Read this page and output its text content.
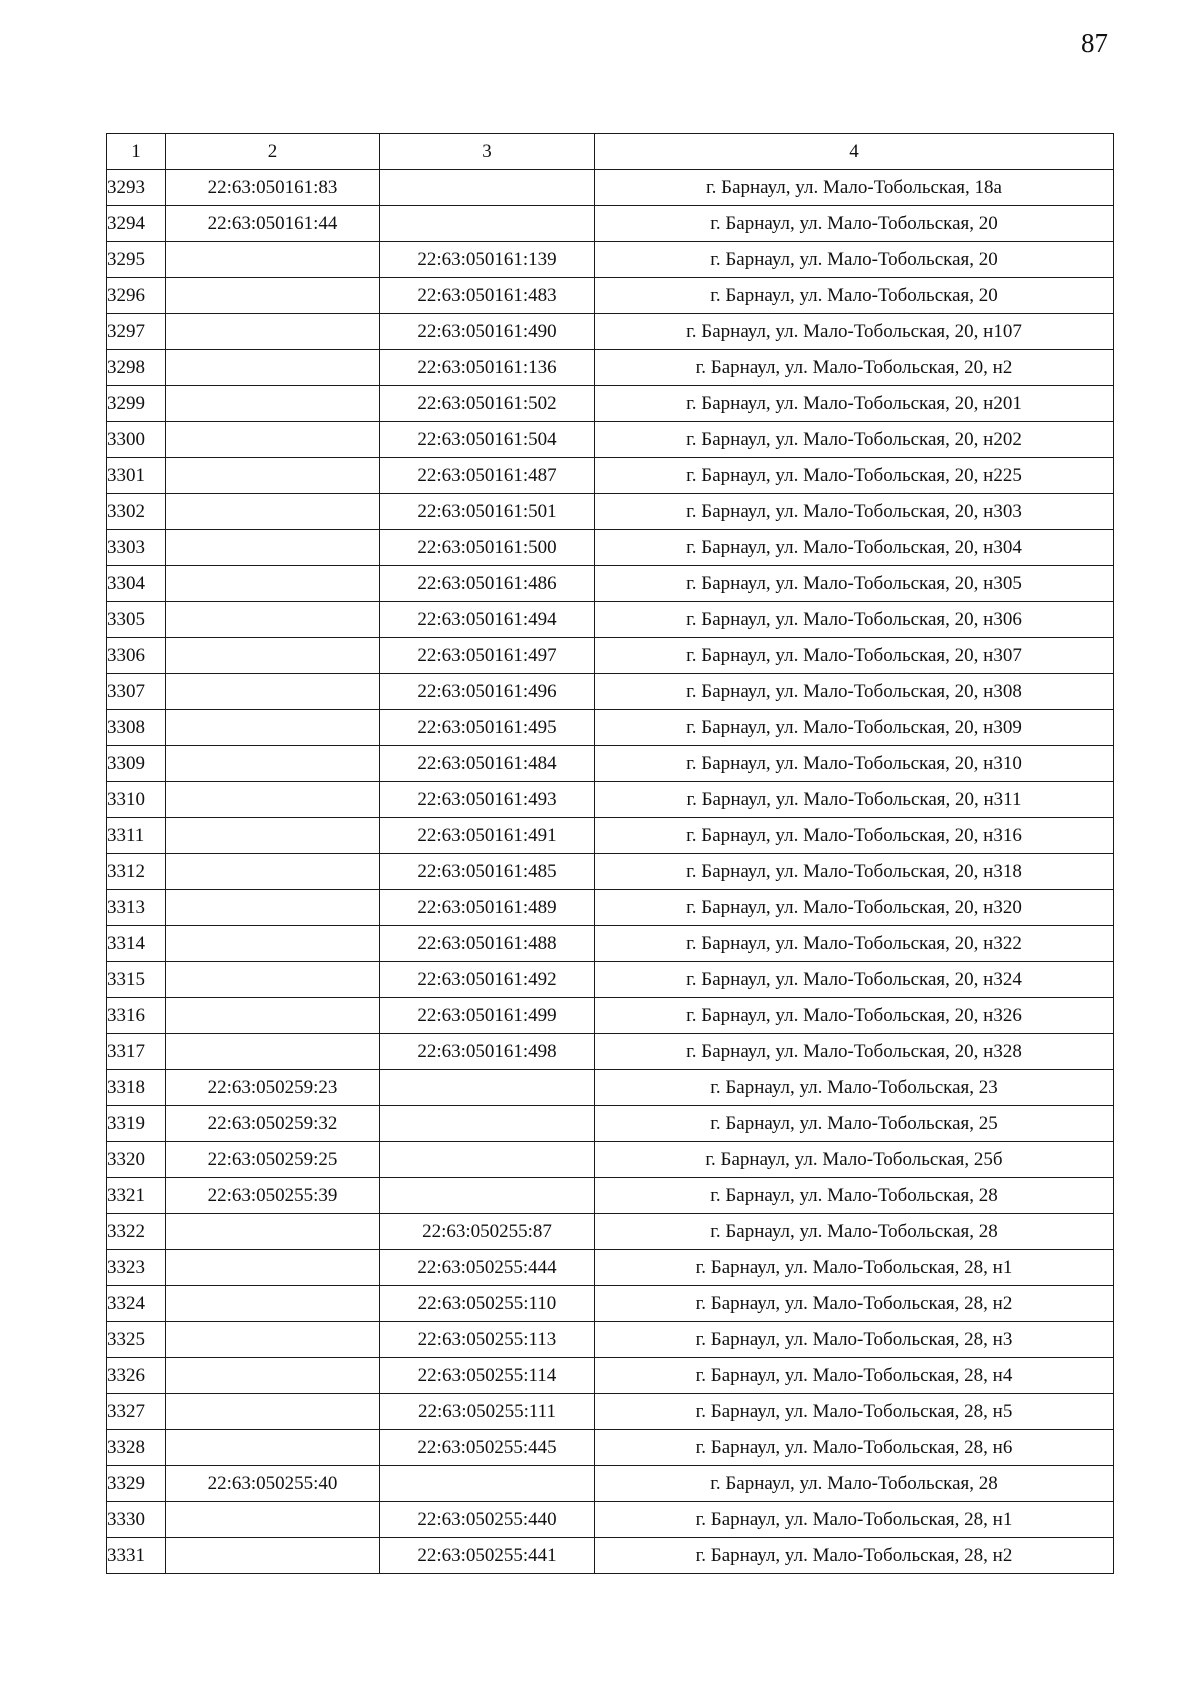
87
1	2	3	4
3293	22:63:050161:83		г. Барнаул, ул. Мало-Тобольская, 18а
3294	22:63:050161:44		г. Барнаул, ул. Мало-Тобольская, 20
3295		22:63:050161:139	г. Барнаул, ул. Мало-Тобольская, 20
3296		22:63:050161:483	г. Барнаул, ул. Мало-Тобольская, 20
3297		22:63:050161:490	г. Барнаул, ул. Мало-Тобольская, 20, н107
3298		22:63:050161:136	г. Барнаул, ул. Мало-Тобольская, 20, н2
3299		22:63:050161:502	г. Барнаул, ул. Мало-Тобольская, 20, н201
3300		22:63:050161:504	г. Барнаул, ул. Мало-Тобольская, 20, н202
3301		22:63:050161:487	г. Барнаул, ул. Мало-Тобольская, 20, н225
3302		22:63:050161:501	г. Барнаул, ул. Мало-Тобольская, 20, н303
3303		22:63:050161:500	г. Барнаул, ул. Мало-Тобольская, 20, н304
3304		22:63:050161:486	г. Барнаул, ул. Мало-Тобольская, 20, н305
3305		22:63:050161:494	г. Барнаул, ул. Мало-Тобольская, 20, н306
3306		22:63:050161:497	г. Барнаул, ул. Мало-Тобольская, 20, н307
3307		22:63:050161:496	г. Барнаул, ул. Мало-Тобольская, 20, н308
3308		22:63:050161:495	г. Барнаул, ул. Мало-Тобольская, 20, н309
3309		22:63:050161:484	г. Барнаул, ул. Мало-Тобольская, 20, н310
3310		22:63:050161:493	г. Барнаул, ул. Мало-Тобольская, 20, н311
3311		22:63:050161:491	г. Барнаул, ул. Мало-Тобольская, 20, н316
3312		22:63:050161:485	г. Барнаул, ул. Мало-Тобольская, 20, н318
3313		22:63:050161:489	г. Барнаул, ул. Мало-Тобольская, 20, н320
3314		22:63:050161:488	г. Барнаул, ул. Мало-Тобольская, 20, н322
3315		22:63:050161:492	г. Барнаул, ул. Мало-Тобольская, 20, н324
3316		22:63:050161:499	г. Барнаул, ул. Мало-Тобольская, 20, н326
3317		22:63:050161:498	г. Барнаул, ул. Мало-Тобольская, 20, н328
3318	22:63:050259:23		г. Барнаул, ул. Мало-Тобольская, 23
3319	22:63:050259:32		г. Барнаул, ул. Мало-Тобольская, 25
3320	22:63:050259:25		г. Барнаул, ул. Мало-Тобольская, 25б
3321	22:63:050255:39		г. Барнаул, ул. Мало-Тобольская, 28
3322		22:63:050255:87	г. Барнаул, ул. Мало-Тобольская, 28
3323		22:63:050255:444	г. Барнаул, ул. Мало-Тобольская, 28, н1
3324		22:63:050255:110	г. Барнаул, ул. Мало-Тобольская, 28, н2
3325		22:63:050255:113	г. Барнаул, ул. Мало-Тобольская, 28, н3
3326		22:63:050255:114	г. Барнаул, ул. Мало-Тобольская, 28, н4
3327		22:63:050255:111	г. Барнаул, ул. Мало-Тобольская, 28, н5
3328		22:63:050255:445	г. Барнаул, ул. Мало-Тобольская, 28, н6
3329	22:63:050255:40		г. Барнаул, ул. Мало-Тобольская, 28
3330		22:63:050255:440	г. Барнаул, ул. Мало-Тобольская, 28, н1
3331		22:63:050255:441	г. Барнаул, ул. Мало-Тобольская, 28, н2
